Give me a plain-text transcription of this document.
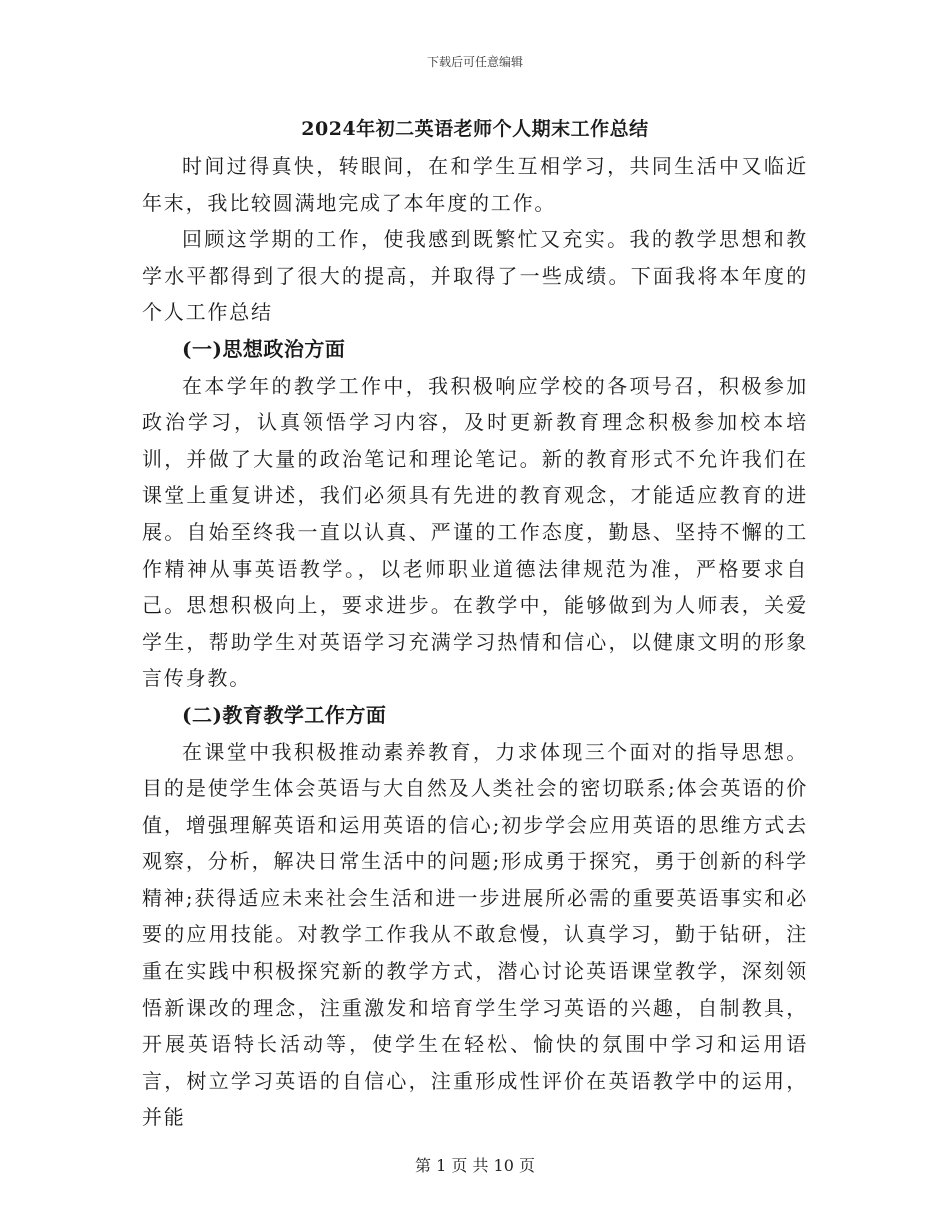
下载后可任意编辑
2024年初二英语老师个人期末工作总结

时间过得真快，转眼间，在和学生互相学习，共同生活中又临近年末，我比较圆满地完成了本年度的工作。

回顾这学期的工作，使我感到既繁忙又充实。我的教学思想和教学水平都得到了很大的提高，并取得了一些成绩。下面我将本年度的个人工作总结

(一)思想政治方面

在本学年的教学工作中，我积极响应学校的各项号召，积极参加政治学习，认真领悟学习内容，及时更新教育理念积极参加校本培训，并做了大量的政治笔记和理论笔记。新的教育形式不允许我们在课堂上重复讲述，我们必须具有先进的教育观念，才能适应教育的进展。自始至终我一直以认真、严谨的工作态度，勤恳、坚持不懈的工作精神从事英语教学。，以老师职业道德法律规范为准，严格要求自己。思想积极向上，要求进步。在教学中，能够做到为人师表，关爱学生，帮助学生对英语学习充满学习热情和信心，以健康文明的形象言传身教。

(二)教育教学工作方面

在课堂中我积极推动素养教育，力求体现三个面对的指导思想。目的是使学生体会英语与大自然及人类社会的密切联系;体会英语的价值，增强理解英语和运用英语的信心;初步学会应用英语的思维方式去观察，分析，解决日常生活中的问题;形成勇于探究，勇于创新的科学精神;获得适应未来社会生活和进一步进展所必需的重要英语事实和必要的应用技能。对教学工作我从不敢怠慢，认真学习，勤于钻研，注重在实践中积极探究新的教学方式，潜心讨论英语课堂教学，深刻领悟新课改的理念，注重激发和培育学生学习英语的兴趣，自制教具，开展英语特长活动等，使学生在轻松、愉快的氛围中学习和运用语言，树立学习英语的自信心，注重形成性评价在英语教学中的运用，并能

第 1 页 共 10 页
